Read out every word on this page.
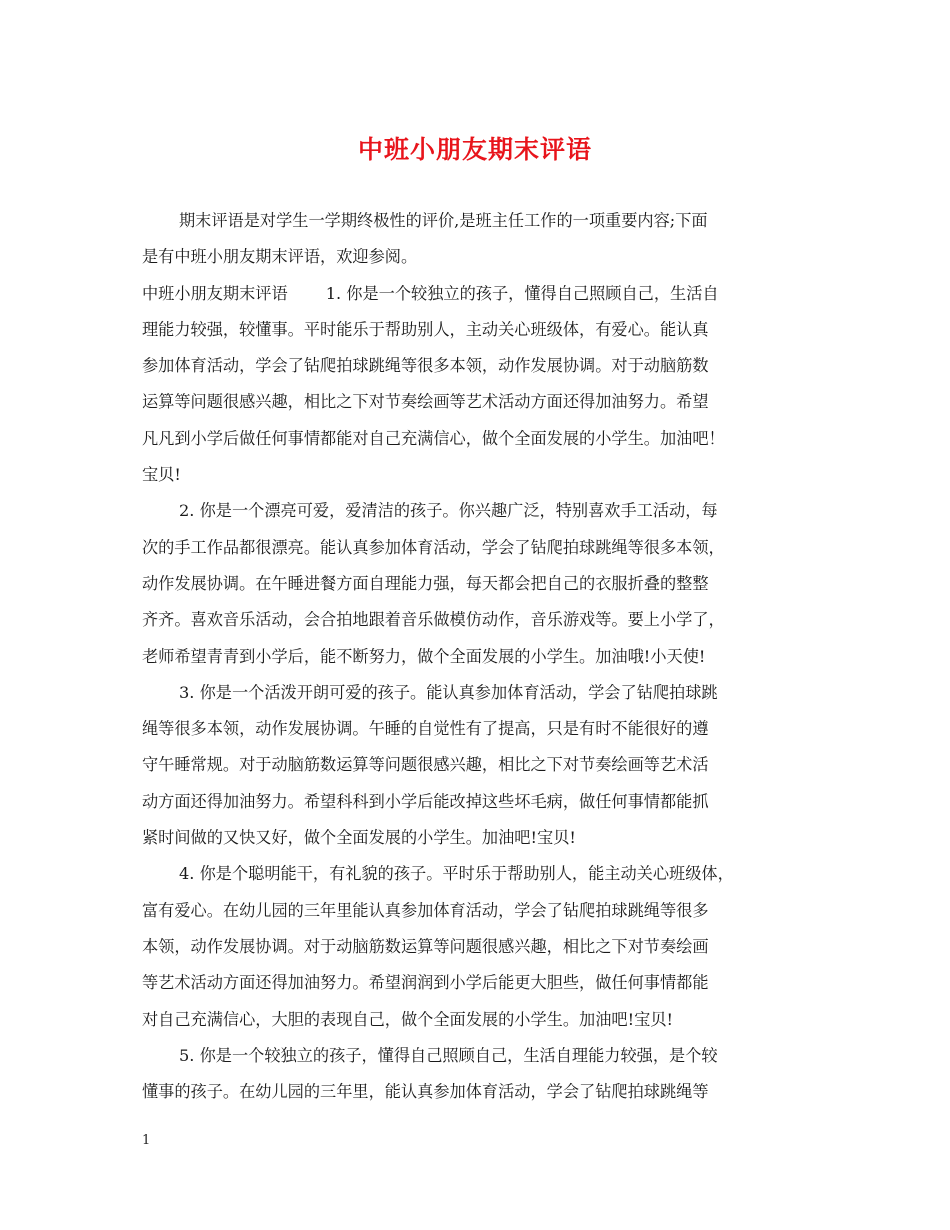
中班小朋友期末评语
期末评语是对学生一学期终极性的评价,是班主任工作的一项重要内容;下面
是有中班小朋友期末评语，欢迎参阅。
中班小朋友期末评语 1. 你是一个较独立的孩子，懂得自己照顾自己，生活自
理能力较强，较懂事。平时能乐于帮助别人，主动关心班级体，有爱心。能认真
参加体育活动，学会了钻爬拍球跳绳等很多本领，动作发展协调。对于动脑筋数
运算等问题很感兴趣，相比之下对节奏绘画等艺术活动方面还得加油努力。希望
凡凡到小学后做任何事情都能对自己充满信心，做个全面发展的小学生。加油吧！
宝贝!
2. 你是一个漂亮可爱，爱清洁的孩子。你兴趣广泛，特别喜欢手工活动，每
次的手工作品都很漂亮。能认真参加体育活动，学会了钻爬拍球跳绳等很多本领，
动作发展协调。在午睡进餐方面自理能力强，每天都会把自己的衣服折叠的整整
齐齐。喜欢音乐活动，会合拍地跟着音乐做模仿动作，音乐游戏等。要上小学了，
老师希望青青到小学后，能不断努力，做个全面发展的小学生。加油哦!小天使!
3. 你是一个活泼开朗可爱的孩子。能认真参加体育活动，学会了钻爬拍球跳
绳等很多本领，动作发展协调。午睡的自觉性有了提高，只是有时不能很好的遵
守午睡常规。对于动脑筋数运算等问题很感兴趣，相比之下对节奏绘画等艺术活
动方面还得加油努力。希望科科到小学后能改掉这些坏毛病，做任何事情都能抓
紧时间做的又快又好，做个全面发展的小学生。加油吧!宝贝!
4. 你是个聪明能干，有礼貌的孩子。平时乐于帮助别人，能主动关心班级体，
富有爱心。在幼儿园的三年里能认真参加体育活动，学会了钻爬拍球跳绳等很多
本领，动作发展协调。对于动脑筋数运算等问题很感兴趣，相比之下对节奏绘画
等艺术活动方面还得加油努力。希望润润到小学后能更大胆些，做任何事情都能
对自己充满信心，大胆的表现自己，做个全面发展的小学生。加油吧!宝贝!
5. 你是一个较独立的孩子，懂得自己照顾自己，生活自理能力较强，是个较
懂事的孩子。在幼儿园的三年里，能认真参加体育活动，学会了钻爬拍球跳绳等
1
